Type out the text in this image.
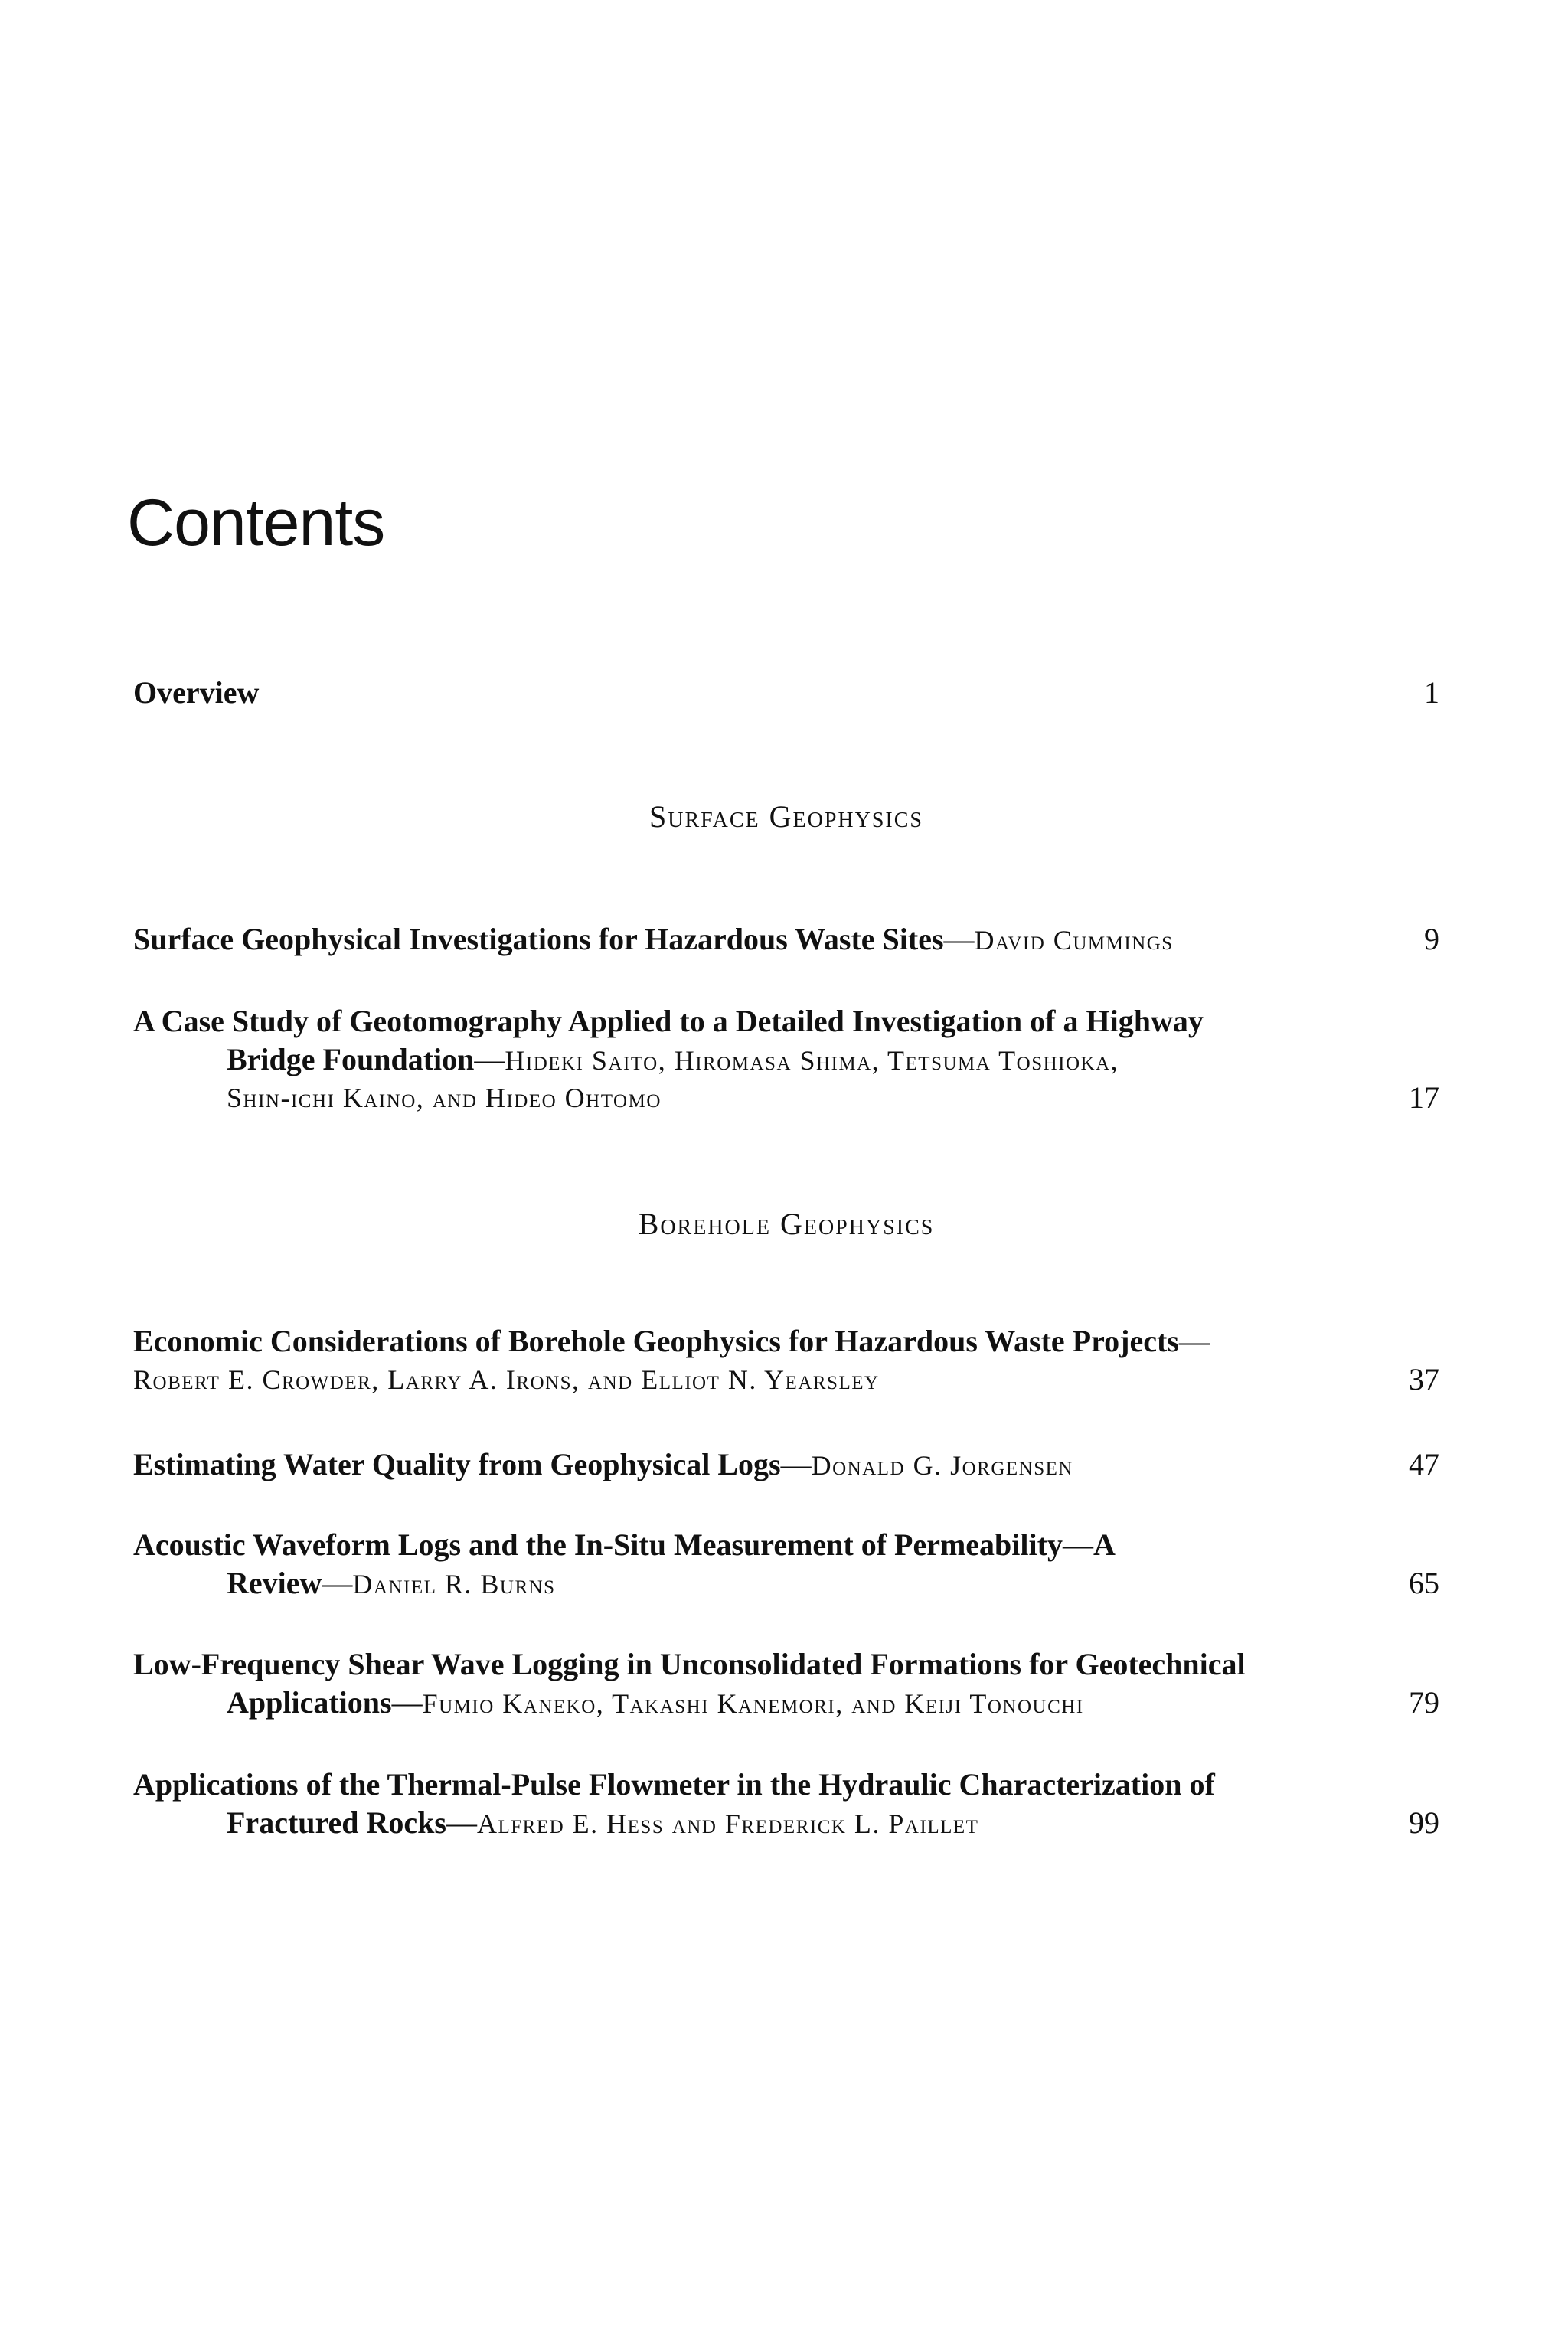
Contents
Overview	1
Surface Geophysics
Surface Geophysical Investigations for Hazardous Waste Sites—David Cummings	9
A Case Study of Geotomography Applied to a Detailed Investigation of a Highway
Bridge Foundation—Hideki Saito, Hiromasa Shima, Tetsuma Toshioka,
Shin-ichi Kaino, and Hideo Ohtomo	17
Borehole Geophysics
Economic Considerations of Borehole Geophysics for Hazardous Waste Projects—
Robert E. Crowder, Larry A. Irons, and Elliot N. Yearsley	37
Estimating Water Quality from Geophysical Logs—Donald G. Jorgensen	47
Acoustic Waveform Logs and the In-Situ Measurement of Permeability—A
Review—Daniel R. Burns	65
Low-Frequency Shear Wave Logging in Unconsolidated Formations for Geotechnical
Applications—Fumio Kaneko, Takashi Kanemori, and Keiji Tonouchi	79
Applications of the Thermal-Pulse Flowmeter in the Hydraulic Characterization of
Fractured Rocks—Alfred E. Hess and Frederick L. Paillet	99
